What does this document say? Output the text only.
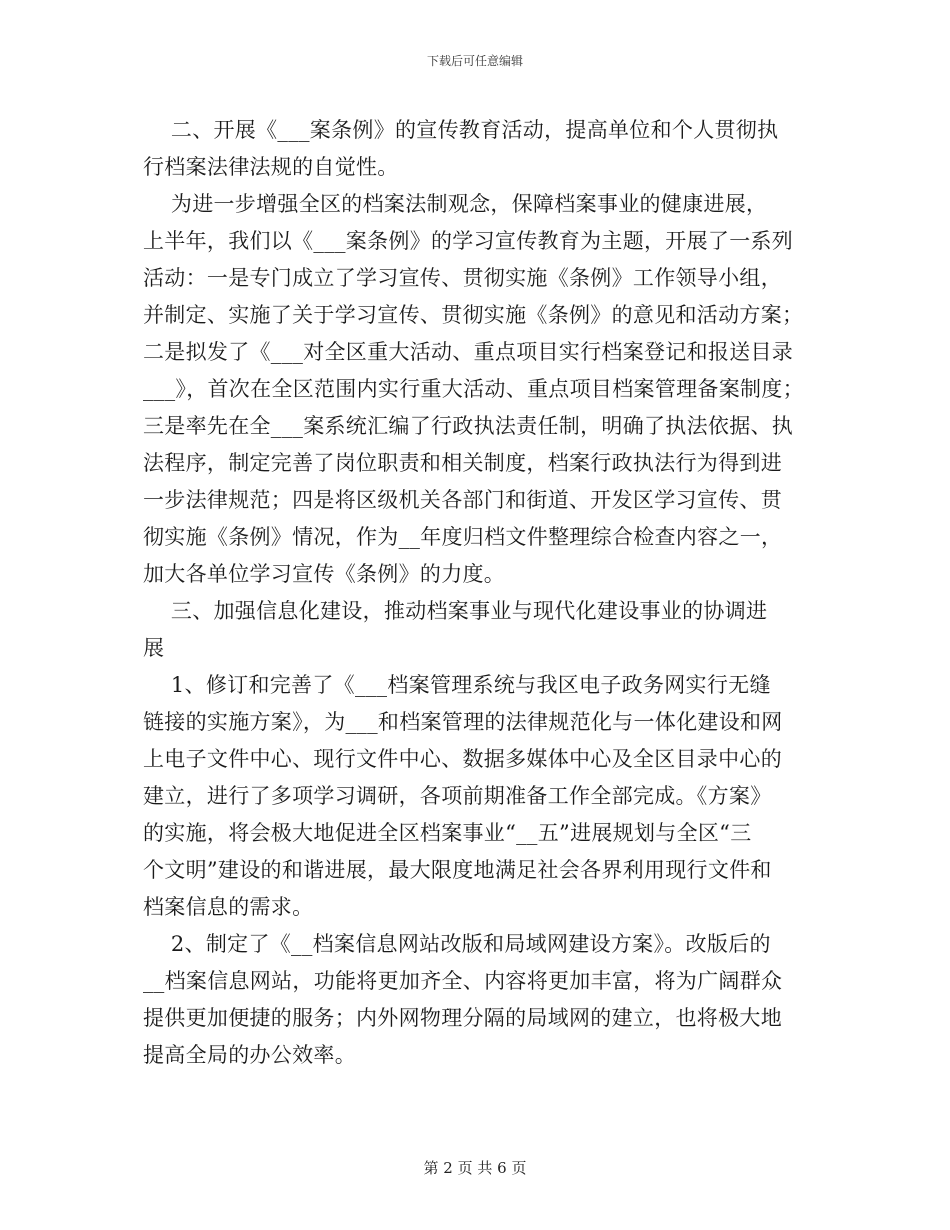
下载后可任意编辑
二、开展《___案条例》的宣传教育活动，提高单位和个人贯彻执
行档案法律法规的自觉性。
为进一步增强全区的档案法制观念，保障档案事业的健康进展，
上半年，我们以《___案条例》的学习宣传教育为主题，开展了一系列
活动：一是专门成立了学习宣传、贯彻实施《条例》工作领导小组，
并制定、实施了关于学习宣传、贯彻实施《条例》的意见和活动方案；
二是拟发了《___对全区重大活动、重点项目实行档案登记和报送目录
___》，首次在全区范围内实行重大活动、重点项目档案管理备案制度；
三是率先在全___案系统汇编了行政执法责任制，明确了执法依据、执
法程序，制定完善了岗位职责和相关制度，档案行政执法行为得到进
一步法律规范；四是将区级机关各部门和街道、开发区学习宣传、贯
彻实施《条例》情况，作为__年度归档文件整理综合检查内容之一，
加大各单位学习宣传《条例》的力度。
三、加强信息化建设，推动档案事业与现代化建设事业的协调进
展
1、修订和完善了《___档案管理系统与我区电子政务网实行无缝
链接的实施方案》，为___和档案管理的法律规范化与一体化建设和网
上电子文件中心、现行文件中心、数据多媒体中心及全区目录中心的
建立，进行了多项学习调研，各项前期准备工作全部完成。《方案》
的实施，将会极大地促进全区档案事业“__五”进展规划与全区“三
个文明”建设的和谐进展，最大限度地满足社会各界利用现行文件和
档案信息的需求。
2、制定了《__档案信息网站改版和局域网建设方案》。改版后的
__档案信息网站，功能将更加齐全、内容将更加丰富，将为广阔群众
提供更加便捷的服务；内外网物理分隔的局域网的建立，也将极大地
提高全局的办公效率。
第 2 页 共 6 页
